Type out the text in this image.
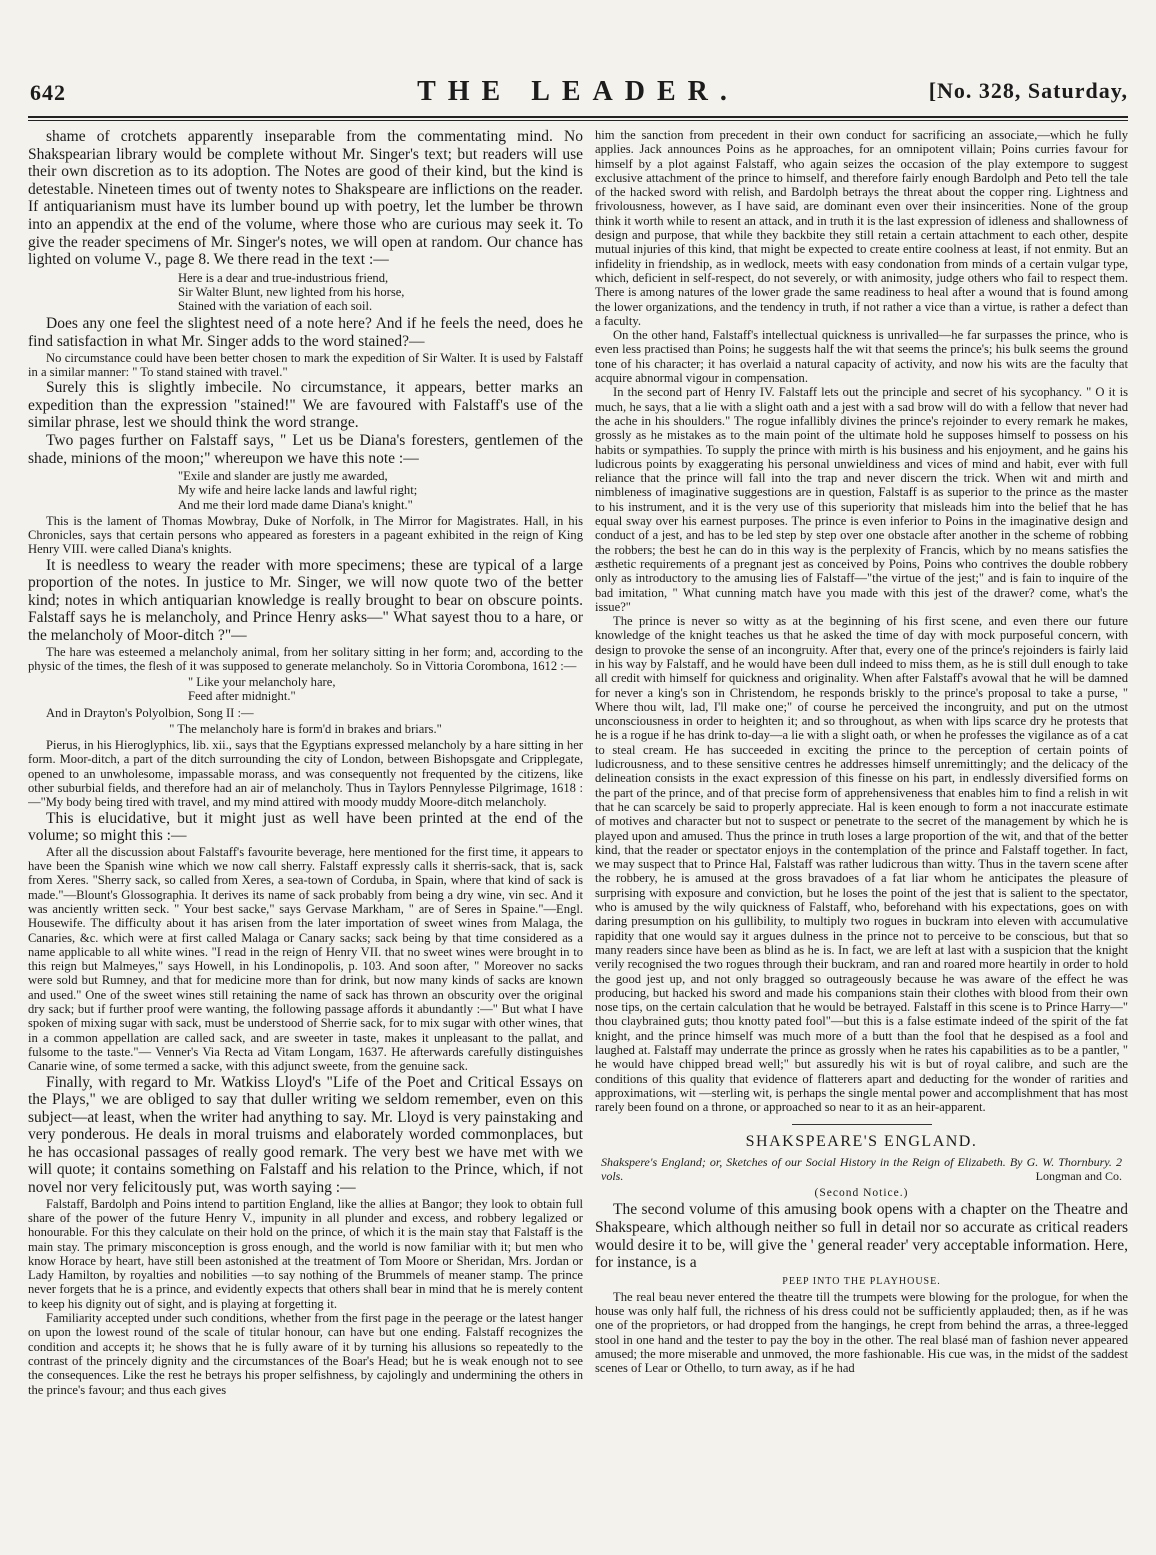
642	THE LEADER.	[No. 328, Saturday,

shame of crotchets apparently inseparable from the commentating mind. No Shakspearian library would be complete without Mr. Singer's text; but readers will use their own discretion as to its adoption. The Notes are good of their kind, but the kind is detestable. Nineteen times out of twenty notes to Shakspeare are inflictions on the reader. If antiquarianism must have its lumber bound up with poetry, let the lumber be thrown into an appendix at the end of the volume, where those who are curious may seek it. To give the reader specimens of Mr. Singer's notes, we will open at random. Our chance has lighted on volume V., page 8. We there read in the text :—

Here is a dear and true-industrious friend,
Sir Walter Blunt, new lighted from his horse,
Stained with the variation of each soil.

Does any one feel the slightest need of a note here? And if he feels the need, does he find satisfaction in what Mr. Singer adds to the word stained?—

No circumstance could have been better chosen to mark the expedition of Sir Walter. It is used by Falstaff in a similar manner: " To stand stained with travel."

Surely this is slightly imbecile. No circumstance, it appears, better marks an expedition than the expression "stained!" We are favoured with Falstaff's use of the similar phrase, lest we should think the word strange.

Two pages further on Falstaff says, " Let us be Diana's foresters, gentlemen of the shade, minions of the moon;" whereupon we have this note :—

"Exile and slander are justly me awarded,
My wife and heire lacke lands and lawful right;
And me their lord made dame Diana's knight."

This is the lament of Thomas Mowbray, Duke of Norfolk, in The Mirror for Magistrates. Hall, in his Chronicles, says that certain persons who appeared as foresters in a pageant exhibited in the reign of King Henry VIII. were called Diana's knights.

It is needless to weary the reader with more specimens; these are typical of a large proportion of the notes. In justice to Mr. Singer, we will now quote two of the better kind; notes in which antiquarian knowledge is really brought to bear on obscure points. Falstaff says he is melancholy, and Prince Henry asks—" What sayest thou to a hare, or the melancholy of Moor-ditch ?"—

The hare was esteemed a melancholy animal, from her solitary sitting in her form; and, according to the physic of the times, the flesh of it was supposed to generate melancholy. So in Vittoria Corombona, 1612 :—

" Like your melancholy hare,
Feed after midnight."

And in Drayton's Polyolbion, Song II :—

" The melancholy hare is form'd in brakes and briars."

Pierus, in his Hieroglyphics, lib. xii., says that the Egyptians expressed melancholy by a hare sitting in her form. Moor-ditch, a part of the ditch surrounding the city of London, between Bishopsgate and Cripplegate, opened to an unwholesome, impassable morass, and was consequently not frequented by the citizens, like other suburbial fields, and therefore had an air of melancholy. Thus in Taylors Pennylesse Pilgrimage, 1618 :—"My body being tired with travel, and my mind attired with moody muddy Moore-ditch melancholy.

This is elucidative, but it might just as well have been printed at the end of the volume; so might this :—

After all the discussion about Falstaff's favourite beverage, here mentioned for the first time, it appears to have been the Spanish wine which we now call sherry. Falstaff expressly calls it sherris-sack, that is, sack from Xeres. "Sherry sack, so called from Xeres, a sea-town of Corduba, in Spain, where that kind of sack is made."—Blount's Glossographia. It derives its name of sack probably from being a dry wine, vin sec. And it was anciently written seck. " Your best sacke," says Gervase Markham, " are of Seres in Spaine."—Engl. Housewife. The difficulty about it has arisen from the later importation of sweet wines from Malaga, the Canaries, &c. which were at first called Malaga or Canary sacks; sack being by that time considered as a name applicable to all white wines. "I read in the reign of Henry VII. that no sweet wines were brought in to this reign but Malmeyes," says Howell, in his Londinopolis, p. 103. And soon after, " Moreover no sacks were sold but Rumney, and that for medicine more than for drink, but now many kinds of sacks are known and used." One of the sweet wines still retaining the name of sack has thrown an obscurity over the original dry sack; but if further proof were wanting, the following passage affords it abundantly :—" But what I have spoken of mixing sugar with sack, must be understood of Sherrie sack, for to mix sugar with other wines, that in a common appellation are called sack, and are sweeter in taste, makes it unpleasant to the pallat, and fulsome to the taste."— Venner's Via Recta ad Vitam Longam, 1637. He afterwards carefully distinguishes Canarie wine, of some termed a sacke, with this adjunct sweete, from the genuine sack.

Finally, with regard to Mr. Watkiss Lloyd's "Life of the Poet and Critical Essays on the Plays," we are obliged to say that duller writing we seldom remember, even on this subject—at least, when the writer had anything to say. Mr. Lloyd is very painstaking and very ponderous. He deals in moral truisms and elaborately worded commonplaces, but he has occasional passages of really good remark. The very best we have met with we will quote; it contains something on Falstaff and his relation to the Prince, which, if not novel nor very felicitously put, was worth saying :—

Falstaff, Bardolph and Poins intend to partition England, like the allies at Bangor; they look to obtain full share of the power of the future Henry V., impunity in all plunder and excess, and robbery legalized or honourable. For this they calculate on their hold on the prince, of which it is the main stay that Falstaff is the main stay. The primary misconception is gross enough, and the world is now familiar with it; but men who know Horace by heart, have still been astonished at the treatment of Tom Moore or Sheridan, Mrs. Jordan or Lady Hamilton, by royalties and nobilities —to say nothing of the Brummels of meaner stamp. The prince never forgets that he is a prince, and evidently expects that others shall bear in mind that he is merely content to keep his dignity out of sight, and is playing at forgetting it.

Familiarity accepted under such conditions, whether from the first page in the peerage or the latest hanger on upon the lowest round of the scale of titular honour, can have but one ending. Falstaff recognizes the condition and accepts it; he shows that he is fully aware of it by turning his allusions so repeatedly to the contrast of the princely dignity and the circumstances of the Boar's Head; but he is weak enough not to see the consequences. Like the rest he betrays his proper selfishness, by cajolingly and undermining the others in the prince's favour; and thus each gives

him the sanction from precedent in their own conduct for sacrificing an associate,—which he fully applies. Jack announces Poins as he approaches, for an omnipotent villain; Poins curries favour for himself by a plot against Falstaff, who again seizes the occasion of the play extempore to suggest exclusive attachment of the prince to himself, and therefore fairly enough Bardolph and Peto tell the tale of the hacked sword with relish, and Bardolph betrays the threat about the copper ring. Lightness and frivolousness, however, as I have said, are dominant even over their insincerities. None of the group think it worth while to resent an attack, and in truth it is the last expression of idleness and shallowness of design and purpose, that while they backbite they still retain a certain attachment to each other, despite mutual injuries of this kind, that might be expected to create entire coolness at least, if not enmity. But an infidelity in friendship, as in wedlock, meets with easy condonation from minds of a certain vulgar type, which, deficient in self-respect, do not severely, or with animosity, judge others who fail to respect them. There is among natures of the lower grade the same readiness to heal after a wound that is found among the lower organizations, and the tendency in truth, if not rather a vice than a virtue, is rather a defect than a faculty.

On the other hand, Falstaff's intellectual quickness is unrivalled—he far surpasses the prince, who is even less practised than Poins; he suggests half the wit that seems the prince's; his bulk seems the ground tone of his character; it has overlaid a natural capacity of activity, and now his wits are the faculty that acquire abnormal vigour in compensation.

In the second part of Henry IV. Falstaff lets out the principle and secret of his sycophancy. " O it is much, he says, that a lie with a slight oath and a jest with a sad brow will do with a fellow that never had the ache in his shoulders." The rogue infallibly divines the prince's rejoinder to every remark he makes, grossly as he mistakes as to the main point of the ultimate hold he supposes himself to possess on his habits or sympathies. To supply the prince with mirth is his business and his enjoyment, and he gains his ludicrous points by exaggerating his personal unwieldiness and vices of mind and habit, ever with full reliance that the prince will fall into the trap and never discern the trick. When wit and mirth and nimbleness of imaginative suggestions are in question, Falstaff is as superior to the prince as the master to his instrument, and it is the very use of this superiority that misleads him into the belief that he has equal sway over his earnest purposes. The prince is even inferior to Poins in the imaginative design and conduct of a jest, and has to be led step by step over one obstacle after another in the scheme of robbing the robbers; the best he can do in this way is the perplexity of Francis, which by no means satisfies the æsthetic requirements of a pregnant jest as conceived by Poins, Poins who contrives the double robbery only as introductory to the amusing lies of Falstaff—"the virtue of the jest;" and is fain to inquire of the bad imitation, " What cunning match have you made with this jest of the drawer? come, what's the issue?"

The prince is never so witty as at the beginning of his first scene, and even there our future knowledge of the knight teaches us that he asked the time of day with mock purposeful concern, with design to provoke the sense of an incongruity. After that, every one of the prince's rejoinders is fairly laid in his way by Falstaff, and he would have been dull indeed to miss them, as he is still dull enough to take all credit with himself for quickness and originality. When after Falstaff's avowal that he will be damned for never a king's son in Christendom, he responds briskly to the prince's proposal to take a purse, " Where thou wilt, lad, I'll make one;" of course he perceived the incongruity, and put on the utmost unconsciousness in order to heighten it; and so throughout, as when with lips scarce dry he protests that he is a rogue if he has drink to-day—a lie with a slight oath, or when he professes the vigilance as of a cat to steal cream. He has succeeded in exciting the prince to the perception of certain points of ludicrousness, and to these sensitive centres he addresses himself unremittingly; and the delicacy of the delineation consists in the exact expression of this finesse on his part, in endlessly diversified forms on the part of the prince, and of that precise form of apprehensiveness that enables him to find a relish in wit that he can scarcely be said to properly appreciate. Hal is keen enough to form a not inaccurate estimate of motives and character but not to suspect or penetrate to the secret of the management by which he is played upon and amused. Thus the prince in truth loses a large proportion of the wit, and that of the better kind, that the reader or spectator enjoys in the contemplation of the prince and Falstaff together. In fact, we may suspect that to Prince Hal, Falstaff was rather ludicrous than witty. Thus in the tavern scene after the robbery, he is amused at the gross bravadoes of a fat liar whom he anticipates the pleasure of surprising with exposure and conviction, but he loses the point of the jest that is salient to the spectator, who is amused by the wily quickness of Falstaff, who, beforehand with his expectations, goes on with daring presumption on his gullibility, to multiply two rogues in buckram into eleven with accumulative rapidity that one would say it argues dulness in the prince not to perceive to be conscious, but that so many readers since have been as blind as he is. In fact, we are left at last with a suspicion that the knight verily recognised the two rogues through their buckram, and ran and roared more heartily in order to hold the good jest up, and not only bragged so outrageously because he was aware of the effect he was producing, but hacked his sword and made his companions stain their clothes with blood from their own nose tips, on the certain calculation that he would be betrayed. Falstaff in this scene is to Prince Harry—" thou claybrained guts; thou knotty pated fool"—but this is a false estimate indeed of the spirit of the fat knight, and the prince himself was much more of a butt than the fool that he despised as a fool and laughed at. Falstaff may underrate the prince as grossly when he rates his capabilities as to be a pantler, " he would have chipped bread well;" but assuredly his wit is but of royal calibre, and such are the conditions of this quality that evidence of flatterers apart and deducting for the wonder of rarities and approximations, wit —sterling wit, is perhaps the single mental power and accomplishment that has most rarely been found on a throne, or approached so near to it as an heir-apparent.

SHAKSPEARE'S ENGLAND.
Shakspere's England; or, Sketches of our Social History in the Reign of Elizabeth. By G. W. Thornbury. 2 vols.	Longman and Co.
(Second Notice.)

The second volume of this amusing book opens with a chapter on the Theatre and Shakspeare, which although neither so full in detail nor so accurate as critical readers would desire it to be, will give the ' general reader' very acceptable information. Here, for instance, is a

PEEP INTO THE PLAYHOUSE.

The real beau never entered the theatre till the trumpets were blowing for the prologue, for when the house was only half full, the richness of his dress could not be sufficiently applauded; then, as if he was one of the proprietors, or had dropped from the hangings, he crept from behind the arras, a three-legged stool in one hand and the tester to pay the boy in the other. The real blasé man of fashion never appeared amused; the more miserable and unmoved, the more fashionable. His cue was, in the midst of the saddest scenes of Lear or Othello, to turn away, as if he had
